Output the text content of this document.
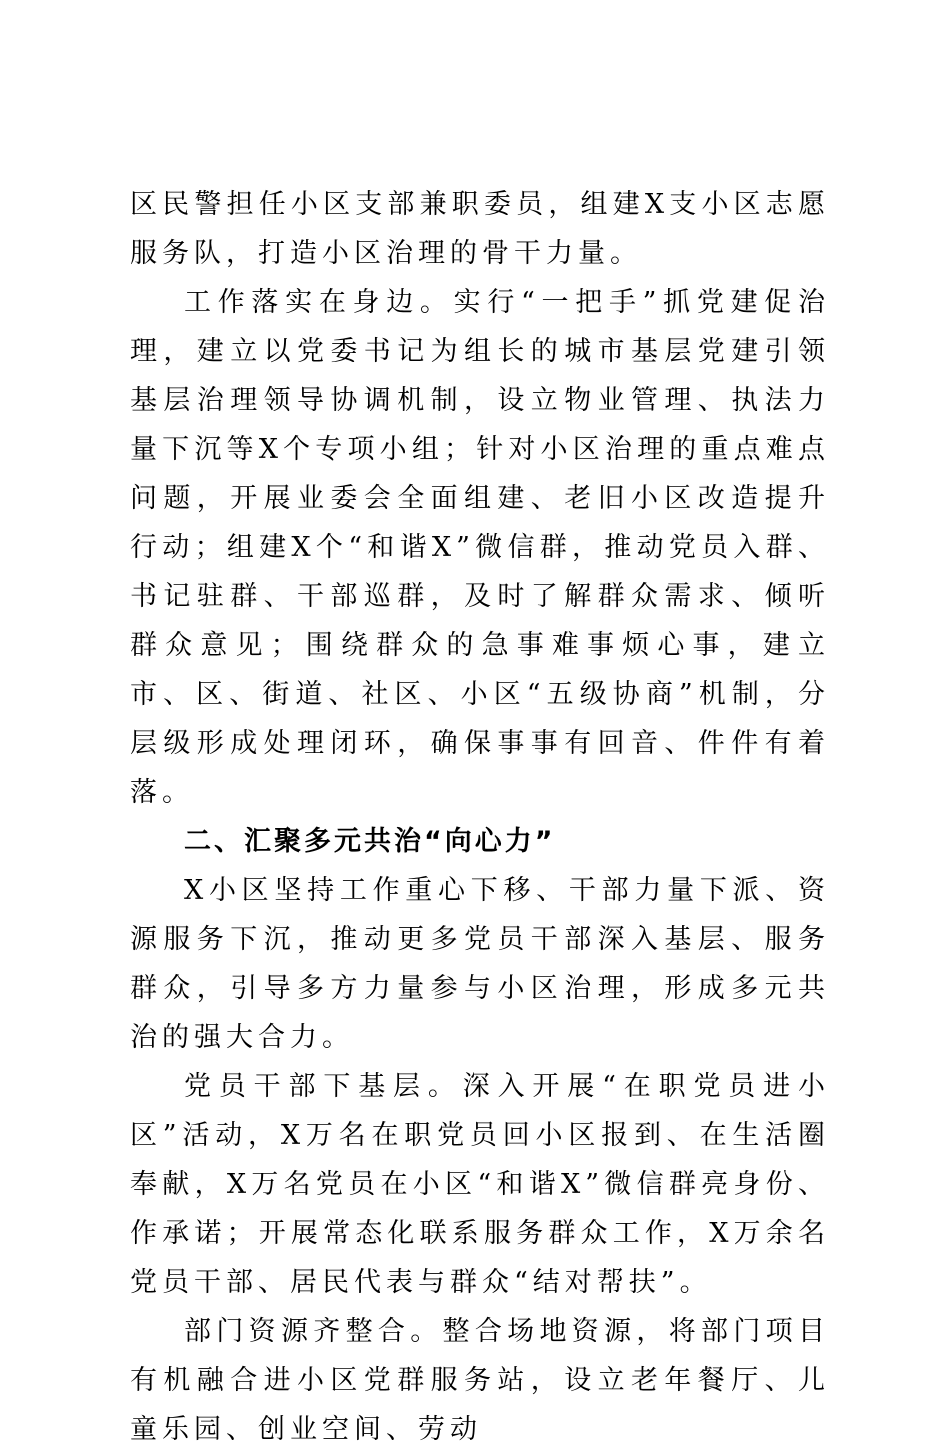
区民警担任小区支部兼职委员，组建X支小区志愿服务队，打造小区治理的骨干力量。

工作落实在身边。实行“一把手”抓党建促治理，建立以党委书记为组长的城市基层党建引领基层治理领导协调机制，设立物业管理、执法力量下沉等X个专项小组；针对小区治理的重点难点问题，开展业委会全面组建、老旧小区改造提升行动；组建X个“和谐X”微信群，推动党员入群、书记驻群、干部巡群，及时了解群众需求、倾听群众意见；围绕群众的急事难事烦心事，建立市、区、街道、社区、小区“五级协商”机制，分层级形成处理闭环，确保事事有回音、件件有着落。

二、汇聚多元共治“向心力”

X小区坚持工作重心下移、干部力量下派、资源服务下沉，推动更多党员干部深入基层、服务群众，引导多方力量参与小区治理，形成多元共治的强大合力。

党员干部下基层。深入开展“在职党员进小区”活动，X万名在职党员回小区报到、在生活圈奉献，X万名党员在小区“和谐X”微信群亮身份、作承诺；开展常态化联系服务群众工作，X万余名党员干部、居民代表与群众“结对帮扶”。

部门资源齐整合。整合场地资源，将部门项目有机融合进小区党群服务站，设立老年餐厅、儿童乐园、创业空间、劳动
